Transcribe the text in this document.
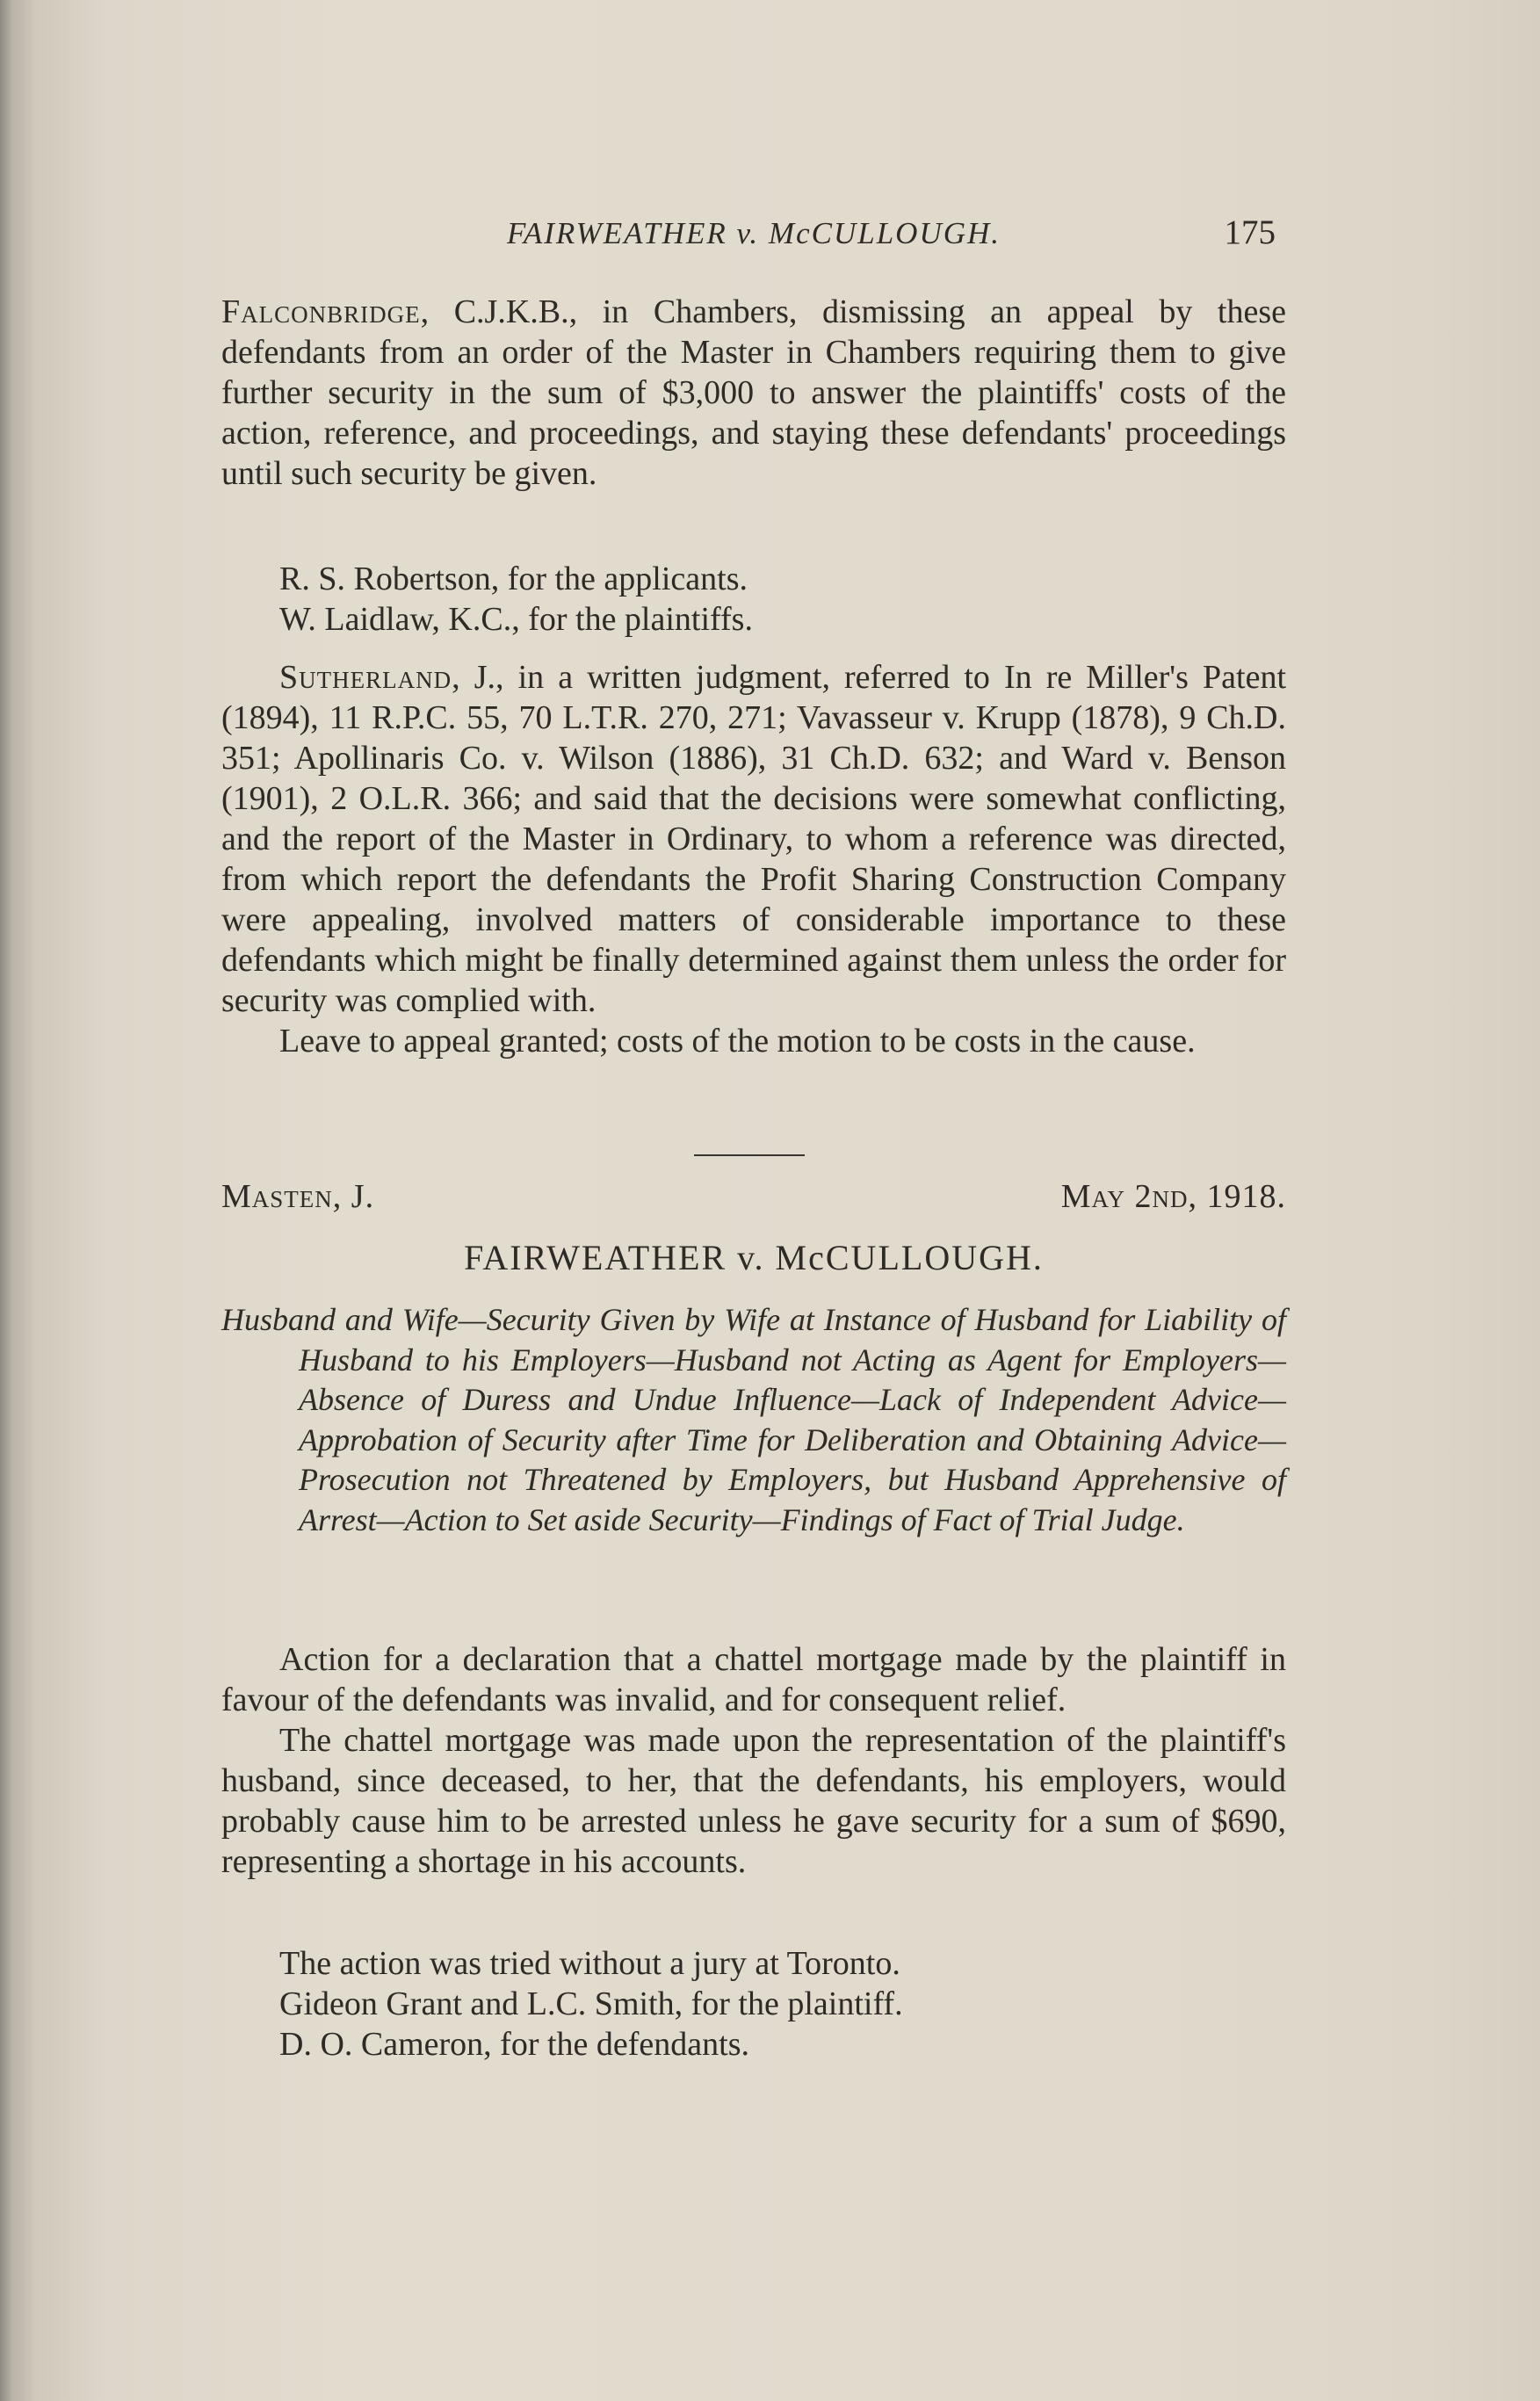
FAIRWEATHER v. McCULLOUGH.	175

Falconbridge, C.J.K.B., in Chambers, dismissing an appeal by these defendants from an order of the Master in Chambers requiring them to give further security in the sum of $3,000 to answer the plaintiffs' costs of the action, reference, and proceedings, and staying these defendants' proceedings until such security be given.

R. S. Robertson, for the applicants.
W. Laidlaw, K.C., for the plaintiffs.

Sutherland, J., in a written judgment, referred to In re Miller's Patent (1894), 11 R.P.C. 55, 70 L.T.R. 270, 271; Vavasseur v. Krupp (1878), 9 Ch.D. 351; Apollinaris Co. v. Wilson (1886), 31 Ch.D. 632; and Ward v. Benson (1901), 2 O.L.R. 366; and said that the decisions were somewhat conflicting, and the report of the Master in Ordinary, to whom a reference was directed, from which report the defendants the Profit Sharing Construction Company were appealing, involved matters of considerable importance to these defendants which might be finally determined against them unless the order for security was complied with.

Leave to appeal granted; costs of the motion to be costs in the cause.

Masten, J.	May 2nd, 1918.
FAIRWEATHER v. McCULLOUGH.
Husband and Wife—Security Given by Wife at Instance of Husband for Liability of Husband to his Employers—Husband not Acting as Agent for Employers—Absence of Duress and Undue Influence—Lack of Independent Advice—Approbation of Security after Time for Deliberation and Obtaining Advice—Prosecution not Threatened by Employers, but Husband Apprehensive of Arrest—Action to Set aside Security—Findings of Fact of Trial Judge.

Action for a declaration that a chattel mortgage made by the plaintiff in favour of the defendants was invalid, and for consequent relief.

The chattel mortgage was made upon the representation of the plaintiff's husband, since deceased, to her, that the defendants, his employers, would probably cause him to be arrested unless he gave security for a sum of $690, representing a shortage in his accounts.

The action was tried without a jury at Toronto.
Gideon Grant and L.C. Smith, for the plaintiff.
D. O. Cameron, for the defendants.
